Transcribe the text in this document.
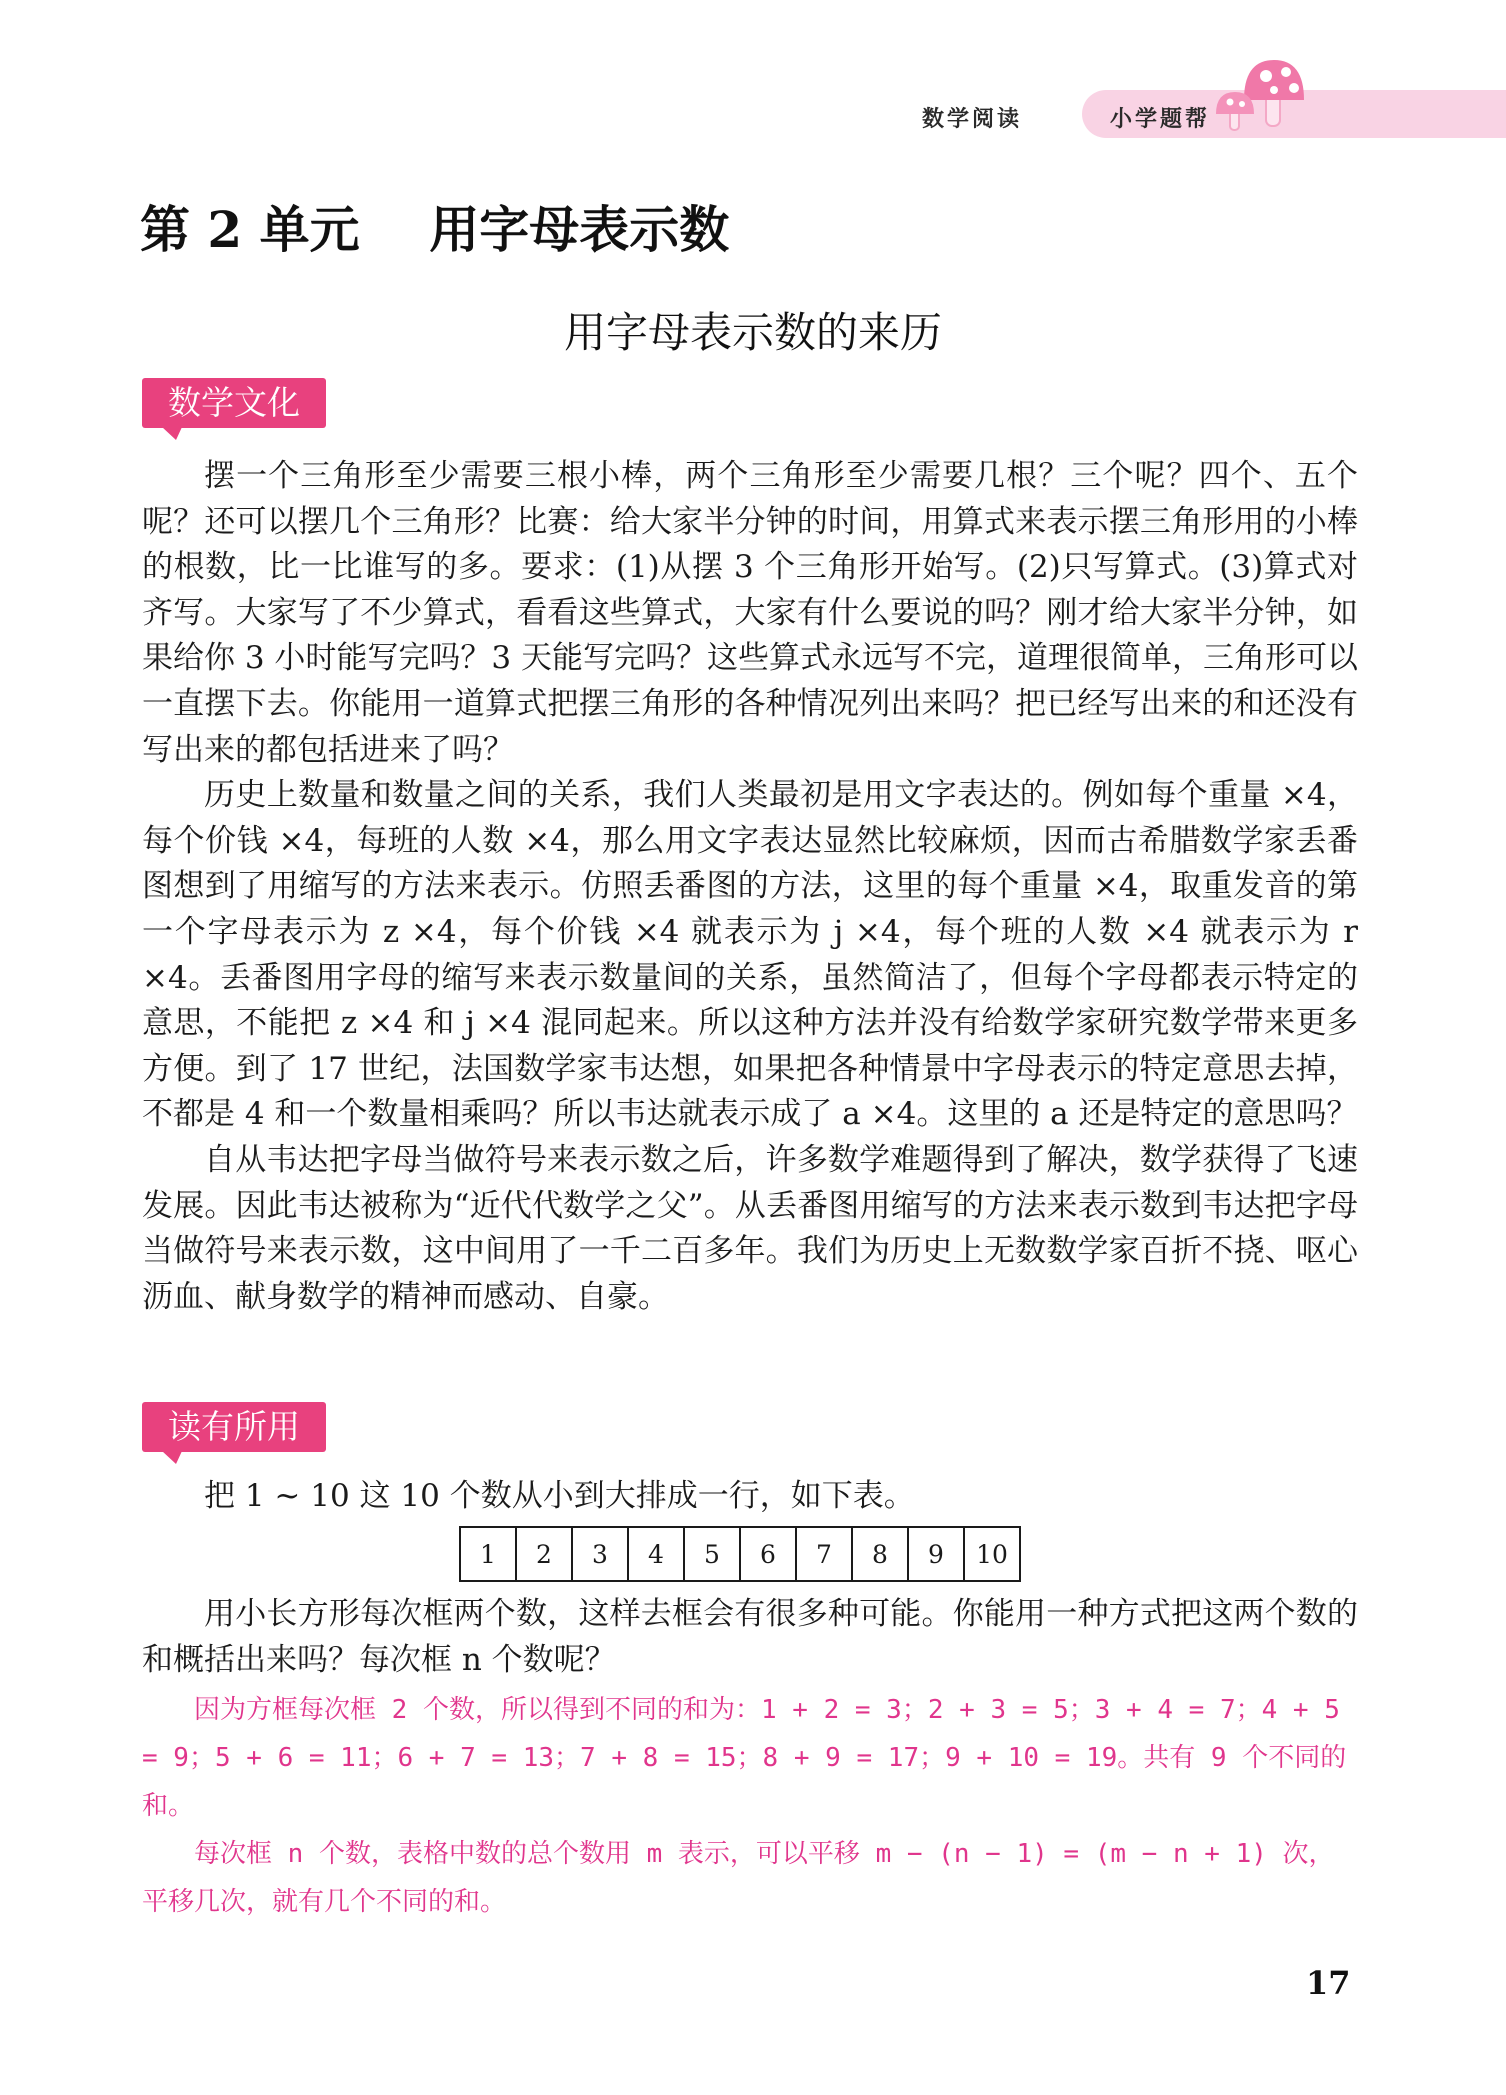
数学阅读	小学题帮
第 2 单元    用字母表示数
用字母表示数的来历
数学文化

摆一个三角形至少需要三根小棒，两个三角形至少需要几根？三个呢？四个、五个呢？还可以摆几个三角形？比赛：给大家半分钟的时间，用算式来表示摆三角形用的小棒的根数，比一比谁写的多。要求：(1)从摆 3 个三角形开始写。(2)只写算式。(3)算式对齐写。大家写了不少算式，看看这些算式，大家有什么要说的吗？刚才给大家半分钟，如果给你 3 小时能写完吗？3 天能写完吗？这些算式永远写不完，道理很简单，三角形可以一直摆下去。你能用一道算式把摆三角形的各种情况列出来吗？把已经写出来的和还没有写出来的都包括进来了吗？

历史上数量和数量之间的关系，我们人类最初是用文字表达的。例如每个重量 ×4，每个价钱 ×4，每班的人数 ×4，那么用文字表达显然比较麻烦，因而古希腊数学家丢番图想到了用缩写的方法来表示。仿照丢番图的方法，这里的每个重量 ×4，取重发音的第一个字母表示为 z ×4，每个价钱 ×4 就表示为 j ×4，每个班的人数 ×4 就表示为 r ×4。丢番图用字母的缩写来表示数量间的关系，虽然简洁了，但每个字母都表示特定的意思，不能把 z ×4 和 j ×4 混同起来。所以这种方法并没有给数学家研究数学带来更多方便。到了 17 世纪，法国数学家韦达想，如果把各种情景中字母表示的特定意思去掉，不都是 4 和一个数量相乘吗？所以韦达就表示成了 a ×4。这里的 a 还是特定的意思吗？

自从韦达把字母当做符号来表示数之后，许多数学难题得到了解决，数学获得了飞速发展。因此韦达被称为“近代代数学之父”。从丢番图用缩写的方法来表示数到韦达把字母当做符号来表示数，这中间用了一千二百多年。我们为历史上无数数学家百折不挠、呕心沥血、献身数学的精神而感动、自豪。

读有所用

把 1 ~ 10 这 10 个数从小到大排成一行，如下表。

1	2	3	4	5	6	7	8	9	10

用小长方形每次框两个数，这样去框会有很多种可能。你能用一种方式把这两个数的和概括出来吗？每次框 n 个数呢？

因为方框每次框 2 个数，所以得到不同的和为：1 + 2 = 3；2 + 3 = 5；3 + 4 = 7；4 + 5 = 9；5 + 6 = 11；6 + 7 = 13；7 + 8 = 15；8 + 9 = 17；9 + 10 = 19。共有 9 个不同的和。

每次框 n 个数，表格中数的总个数用 m 表示，可以平移 m − (n − 1) = (m − n + 1) 次，平移几次，就有几个不同的和。

17
